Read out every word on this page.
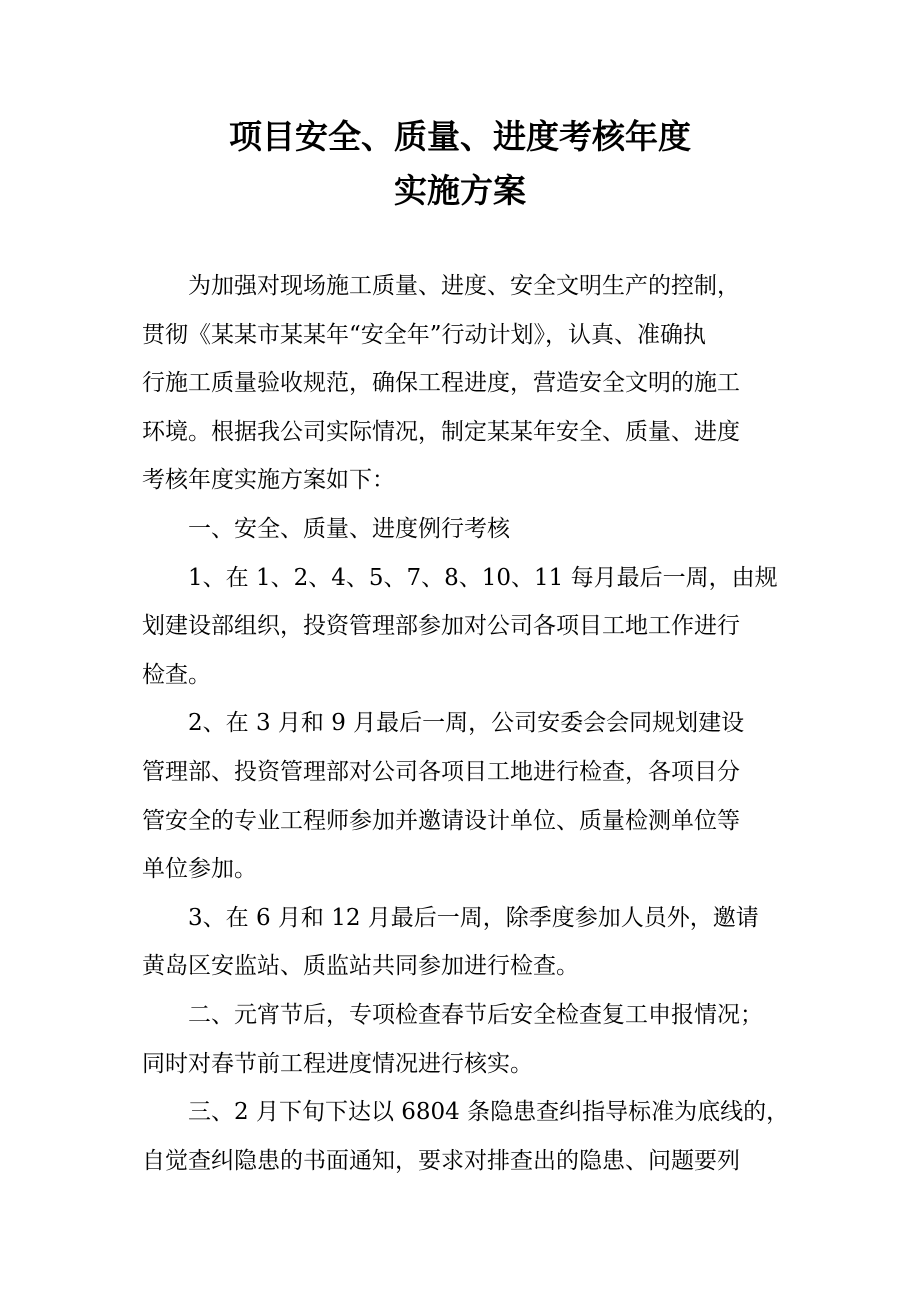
项目安全、质量、进度考核年度
实施方案
为加强对现场施工质量、进度、安全文明生产的控制，
贯彻《某某市某某年“安全年”行动计划》，认真、准确执
行施工质量验收规范，确保工程进度，营造安全文明的施工
环境。根据我公司实际情况，制定某某年安全、质量、进度
考核年度实施方案如下：
一、安全、质量、进度例行考核
1、在 1、2、4、5、7、8、10、11 每月最后一周，由规
划建设部组织，投资管理部参加对公司各项目工地工作进行
检查。
2、在 3 月和 9 月最后一周，公司安委会会同规划建设
管理部、投资管理部对公司各项目工地进行检查，各项目分
管安全的专业工程师参加并邀请设计单位、质量检测单位等
单位参加。
3、在 6 月和 12 月最后一周，除季度参加人员外，邀请
黄岛区安监站、质监站共同参加进行检查。
二、元宵节后，专项检查春节后安全检查复工申报情况；
同时对春节前工程进度情况进行核实。
三、2 月下旬下达以 6804 条隐患查纠指导标准为底线的，
自觉查纠隐患的书面通知，要求对排查出的隐患、问题要列
